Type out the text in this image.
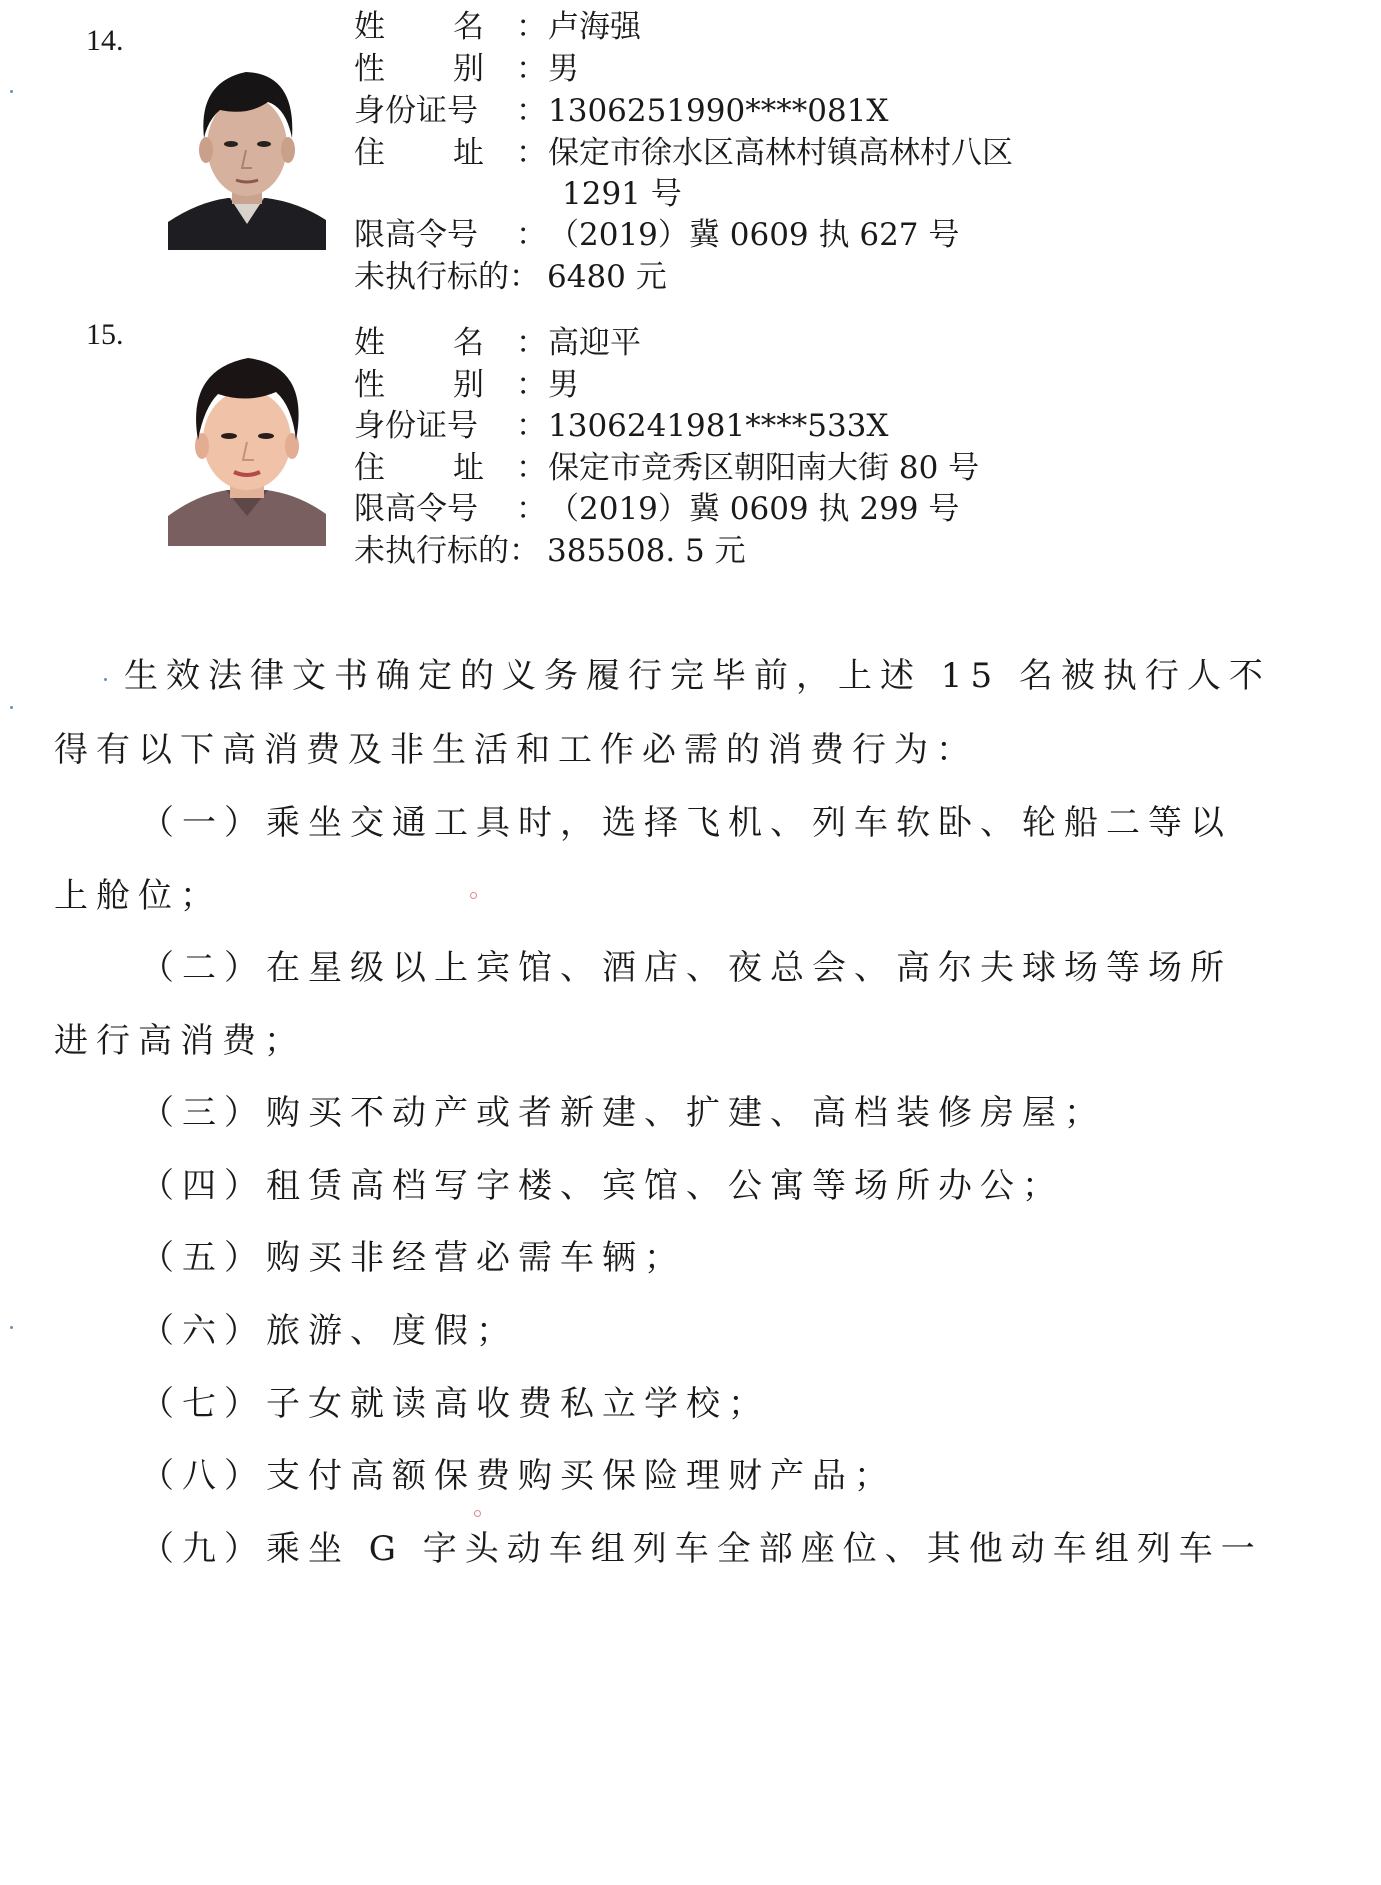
14.	姓 名 ： 卢海强
性 别 ： 男
身份证号 ： 1306251990****081X
住 址 ： 保定市徐水区高林村镇高林村八区
1291 号
限高令号 ： （2019）冀 0609 执 627 号
未执行标的： 6480 元
15.	姓 名 ： 高迎平
性 别 ： 男
身份证号 ： 1306241981****533X
住 址 ： 保定市竞秀区朝阳南大街 80 号
限高令号 ： （2019）冀 0609 执 299 号
未执行标的： 385508. 5 元
生效法律文书确定的义务履行完毕前，上述 15 名被执行人不
得有以下高消费及非生活和工作必需的消费行为：
（一）乘坐交通工具时，选择飞机、列车软卧、轮船二等以
上舱位；
（二）在星级以上宾馆、酒店、夜总会、高尔夫球场等场所
进行高消费；
（三）购买不动产或者新建、扩建、高档装修房屋；
（四）租赁高档写字楼、宾馆、公寓等场所办公；
（五）购买非经营必需车辆；
（六）旅游、度假；
（七）子女就读高收费私立学校；
（八）支付高额保费购买保险理财产品；
（九）乘坐 G 字头动车组列车全部座位、其他动车组列车一
